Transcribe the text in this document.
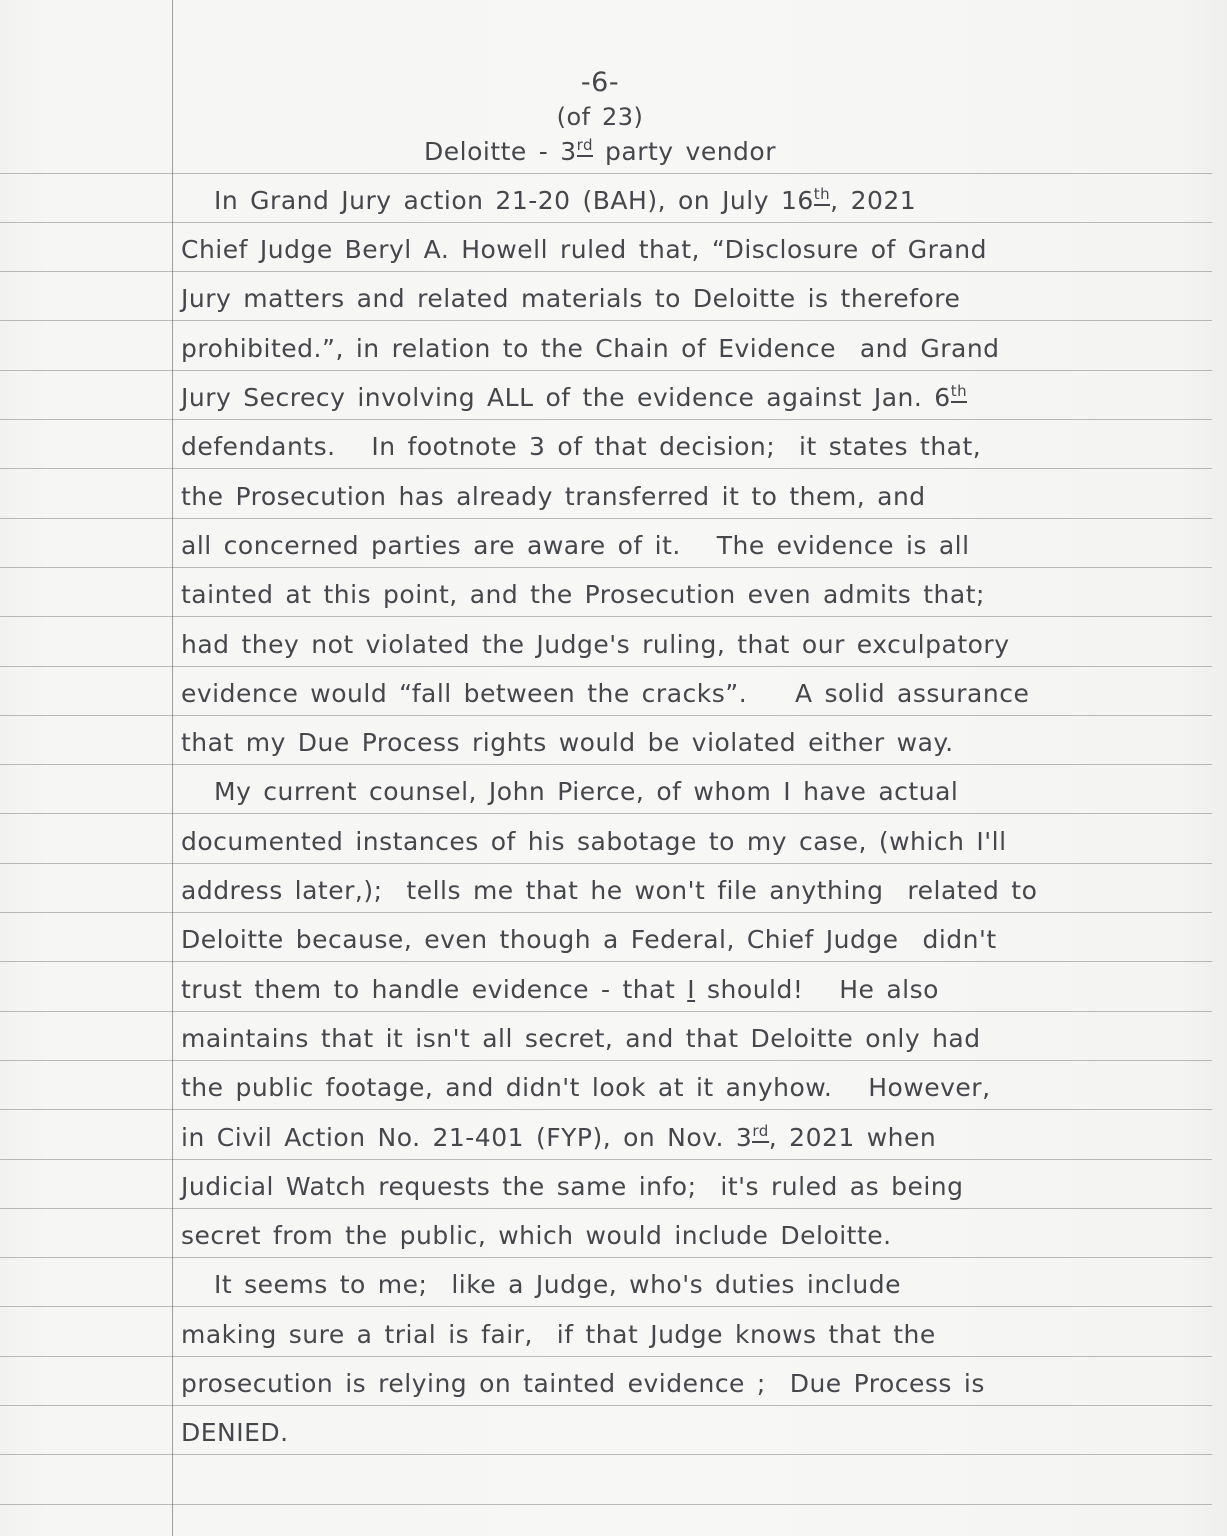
-6-
(of 23)
Deloitte - 3rd party vendor
In Grand Jury action 21-20 (BAH), on July 16th, 2021
Chief Judge Beryl A. Howell ruled that, “Disclosure of Grand
Jury matters and related materials to Deloitte is therefore
prohibited.”, in relation to the Chain of Evidence  and Grand
Jury Secrecy involving ALL of the evidence against Jan. 6th
defendants.   In footnote 3 of that decision;  it states that,
the Prosecution has already transferred it to them, and
all concerned parties are aware of it.   The evidence is all
tainted at this point, and the Prosecution even admits that;
had they not violated the Judge's ruling, that our exculpatory
evidence would “fall between the cracks”.    A solid assurance
that my Due Process rights would be violated either way.
My current counsel, John Pierce, of whom I have actual
documented instances of his sabotage to my case, (which I'll
address later,);  tells me that he won't file anything  related to
Deloitte because, even though a Federal, Chief Judge  didn't
trust them to handle evidence - that I should!   He also
maintains that it isn't all secret, and that Deloitte only had
the public footage, and didn't look at it anyhow.   However,
in Civil Action No. 21-401 (FYP), on Nov. 3rd, 2021 when
Judicial Watch requests the same info;  it's ruled as being
secret from the public, which would include Deloitte.
It seems to me;  like a Judge, who's duties include
making sure a trial is fair,  if that Judge knows that the
prosecution is relying on tainted evidence ;  Due Process is
DENIED.
